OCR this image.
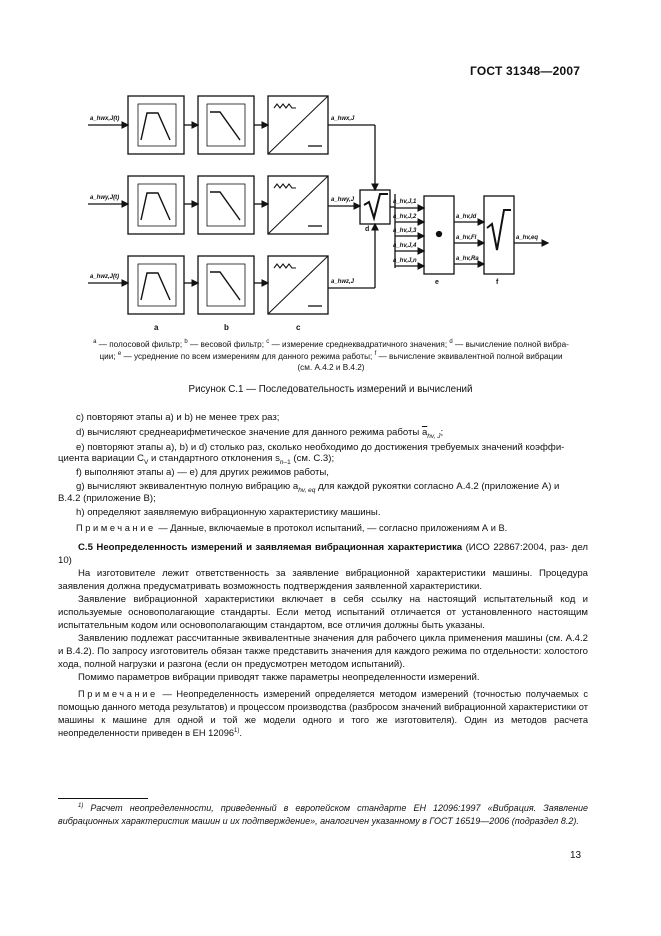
ГОСТ 31348—2007
a_hwx,J(t)
a_hwy,J(t)
a_hwz,J(t)
a_hwx,J
a_hwy,J
a_hwz,J
a_hv,J,1
a_hv,J,2
a_hv,J,3
a_hv,J,4
a_hv,J,n
a_hv,Id
a_hv,Fl
a_hv,Ra
a_hv,eq
a	b	c
d
e	f
$^a$ — полосовой фильтр; $^b$ — весовой фильтр; $^c$ — измерение среднеквадратичного значения; $^d$ — вычисление полной вибра-
ции; $^e$ — усреднение по всем измерениям для данного режима работы; $^f$ — вычисление эквивалентной полной вибрации
(см. А.4.2 и В.4.2)
Рисунок С.1 — Последовательность измерений и вычислений
c) повторяют этапы a) и b) не менее трех раз;
d) вычисляют среднеарифметическое значение для данного режима работы $\overline{a}_{hv, J}$;
e) повторяют этапы a), b) и d) столько раз, сколько необходимо до достижения требуемых значений коэффи-
циента вариации $C_V$ и стандартного отклонения $s_{n-1}$ (см. С.3);
f) выполняют этапы a) — e) для других режимов работы,
g) вычисляют эквивалентную полную вибрацию $a_{hv, eq}$ для каждой рукоятки согласно А.4.2 (приложение А) и
В.4.2 (приложение В);
h) определяют заявляемую вибрационную характеристику машины.
Примечание — Данные, включаемые в протокол испытаний, — согласно приложениям А и В.
С.5 Неопределенность измерений и заявляемая вибрационная характеристика (ИСО 22867:2004, раз- дел 10)
На изготовителе лежит ответственность за заявление вибрационной характеристики машины. Процедура заявления должна предусматривать возможность подтверждения заявленной характеристики.
Заявление вибрационной характеристики включает в себя ссылку на настоящий испытательный код и используемые основополагающие стандарты. Если метод испытаний отличается от установленного настоящим испытательным кодом или основополагающим стандартом, все отличия должны быть указаны.
Заявлению подлежат рассчитанные эквивалентные значения для рабочего цикла применения машины (см. А.4.2 и В.4.2). По запросу изготовитель обязан также представить значения для каждого режима по отдельности: холостого хода, полной нагрузки и разгона (если он предусмотрен методом испытаний).
Помимо параметров вибрации приводят также параметры неопределенности измерений.
Примечание — Неопределенность измерений определяется методом измерений (точностью получаемых с помощью данного метода результатов) и процессом производства (разбросом значений вибрационной характеристики от машины к машине для одной и той же модели одного и того же изготовителя). Один из методов расчета неопределенности приведен в ЕН 12096$^{1)}$.
$^{1)}$ Расчет неопределенности, приведенный в европейском стандарте ЕН 12096:1997 «Вибрация. Заявление вибрационных характеристик машин и их подтверждение», аналогичен указанному в ГОСТ 16519—2006 (подраздел 8.2).
13
